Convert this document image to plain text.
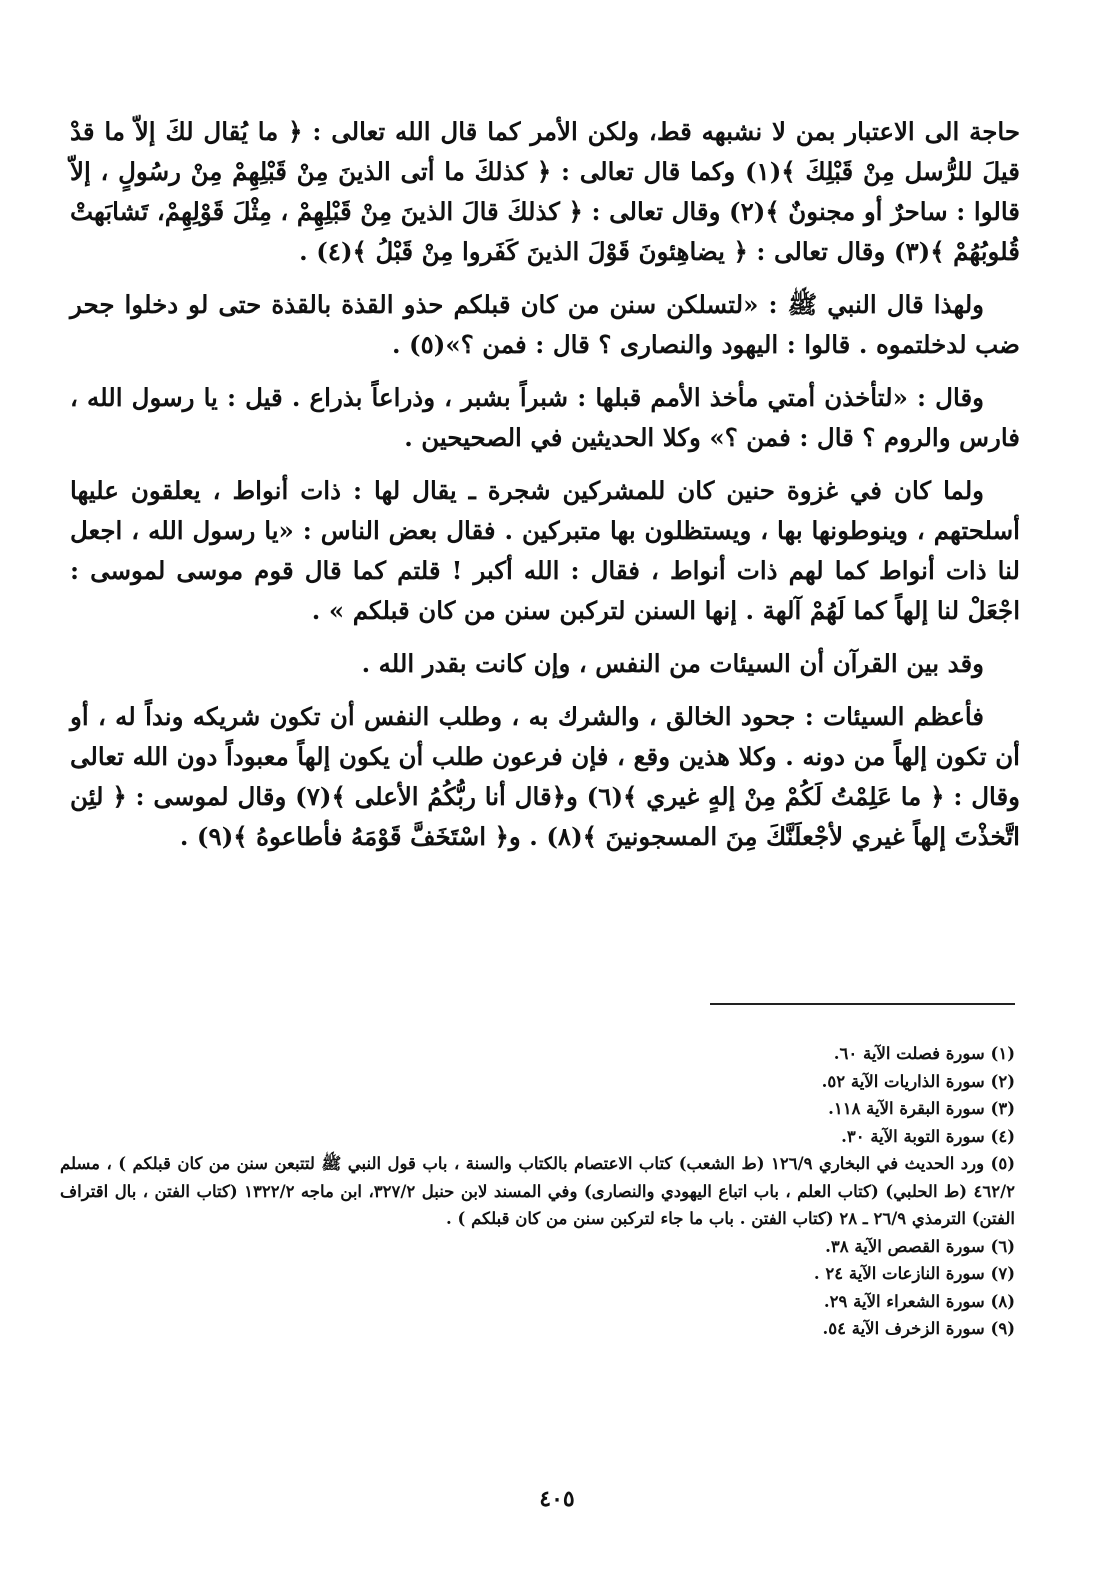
حاجة الى الاعتبار بمن لا نشبهه قط، ولكن الأمر كما قال الله تعالى : ﴿ ما يُقال لكَ إلاّ ما قدْ قيلَ للرُّسل مِنْ قَبْلِكَ ﴾(١) وكما قال تعالى : ﴿ كذلكَ ما أتى الذينَ مِنْ قَبْلِهِمْ مِنْ رسُولٍ ، إلاّ قالوا : ساحرٌ أو مجنونٌ ﴾(٢) وقال تعالى : ﴿ كذلكَ قالَ الذينَ مِنْ قَبْلِهِمْ ، مِثْلَ قَوْلِهِمْ، تَشابَهتْ قُلوبُهُمْ ﴾(٣) وقال تعالى : ﴿ يضاهِئونَ قَوْلَ الذينَ كَفَروا مِنْ قَبْلُ ﴾(٤) .

ولهذا قال النبي ﷺ : «لتسلكن سنن من كان قبلكم حذو القذة بالقذة حتى لو دخلوا جحر ضب لدخلتموه . قالوا : اليهود والنصارى ؟ قال : فمن ؟»(٥) .

وقال : «لتأخذن أمتي مأخذ الأمم قبلها : شبراً بشبر ، وذراعاً بذراع . قيل : يا رسول الله ، فارس والروم ؟ قال : فمن ؟» وكلا الحديثين في الصحيحين .

ولما كان في غزوة حنين كان للمشركين شجرة ـ يقال لها : ذات أنواط ، يعلقون عليها أسلحتهم ، وينوطونها بها ، ويستظلون بها متبركين . فقال بعض الناس : «يا رسول الله ، اجعل لنا ذات أنواط كما لهم ذات أنواط ، فقال : الله أكبر ! قلتم كما قال قوم موسى لموسى : اجْعَلْ لنا إلهاً كما لَهُمْ آلهة . إنها السنن لتركبن سنن من كان قبلكم » .

وقد بين القرآن أن السيئات من النفس ، وإن كانت بقدر الله .

فأعظم السيئات : جحود الخالق ، والشرك به ، وطلب النفس أن تكون شريكه ونداً له ، أو أن تكون إلهاً من دونه . وكلا هذين وقع ، فإن فرعون طلب أن يكون إلهاً معبوداً دون الله تعالى وقال : ﴿ ما عَلِمْتُ لَكُمْ مِنْ إلهٍ غيري ﴾(٦) و﴿قال أنا ربُّكُمُ الأعلى ﴾(٧) وقال لموسى : ﴿ لئِن اتَّخذْتَ إلهاً غيري لأجْعلَنَّكَ مِنَ المسجونينَ ﴾(٨) . و﴿ اسْتَخَفَّ قَوْمَهُ فأطاعوهُ ﴾(٩) .

(١) سورة فصلت الآية ٦٠.

(٢) سورة الذاريات الآية ٥٢.

(٣) سورة البقرة الآية ١١٨.

(٤) سورة التوبة الآية ٣٠.

(٥) ورد الحديث في البخاري ١٢٦/٩ (ط الشعب) كتاب الاعتصام بالكتاب والسنة ، باب قول النبي ﷺ لتتبعن سنن من كان قبلكم ) ، مسلم ٤٦٢/٢ (ط الحلبي) (كتاب العلم ، باب اتباع اليهودي والنصارى) وفي المسند لابن حنبل ٣٢٧/٢، ابن ماجه ١٣٢٢/٢ (كتاب الفتن ، بال اقتراف الفتن) الترمذي ٢٦/٩ ـ ٢٨ (كتاب الفتن . باب ما جاء لتركبن سنن من كان قبلكم ) .

(٦) سورة القصص الآية ٣٨.

(٧) سورة النازعات الآية ٢٤ .

(٨) سورة الشعراء الآية ٢٩.

(٩) سورة الزخرف الآية ٥٤.

٤٠٥
